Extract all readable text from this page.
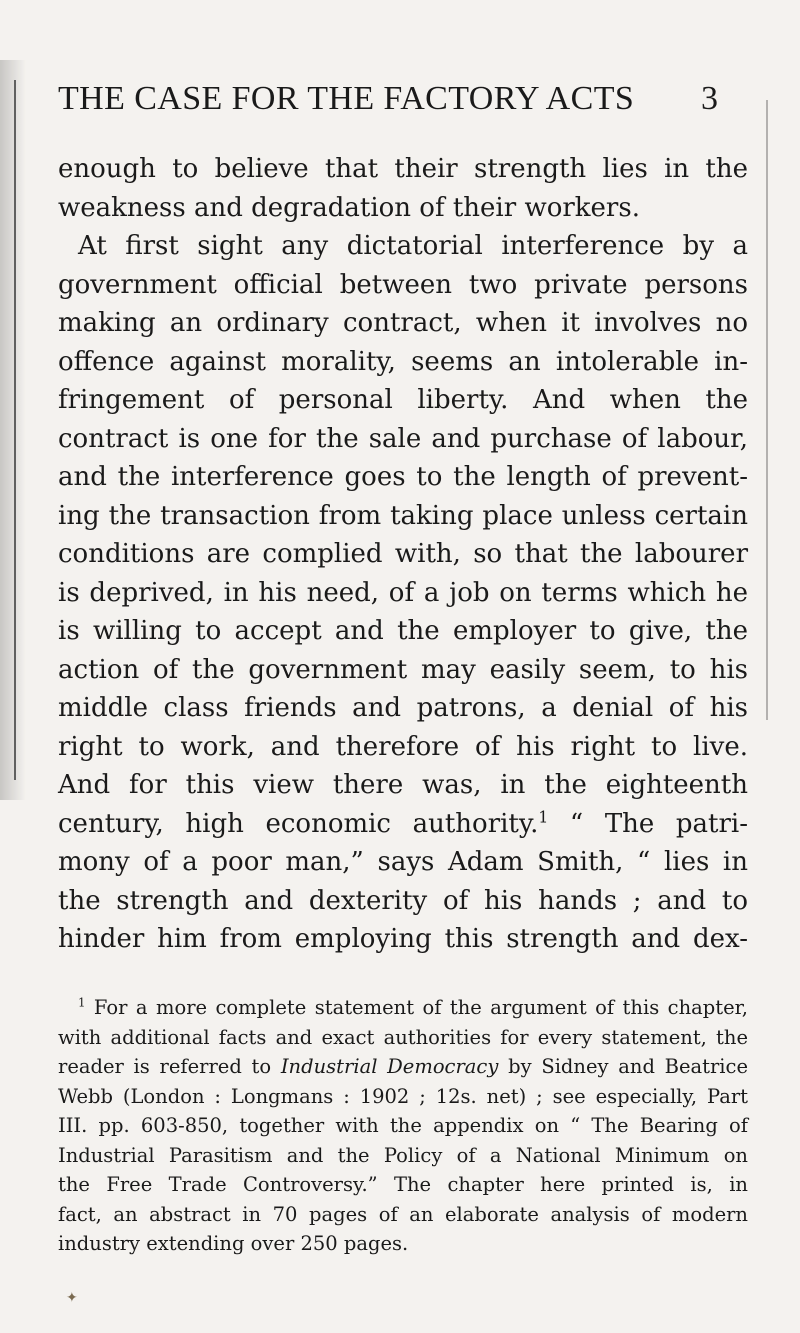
THE CASE FOR THE FACTORY ACTS 3
enough to believe that their strength lies in the
weakness and degradation of their workers.
At first sight any dictatorial interference by a
government official between two private persons
making an ordinary contract, when it involves no
offence against morality, seems an intolerable in-
fringement of personal liberty. And when the
contract is one for the sale and purchase of labour,
and the interference goes to the length of prevent-
ing the transaction from taking place unless certain
conditions are complied with, so that the labourer
is deprived, in his need, of a job on terms which he
is willing to accept and the employer to give, the
action of the government may easily seem, to his
middle class friends and patrons, a denial of his
right to work, and therefore of his right to live.
And for this view there was, in the eighteenth
century, high economic authority.$^1$ “ The patri-
mony of a poor man,” says Adam Smith, “ lies in
the strength and dexterity of his hands ; and to
hinder him from employing this strength and dex-
$^1$ For a more complete statement of the argument of this chapter,
with additional facts and exact authorities for every statement, the
reader is referred to Industrial Democracy by Sidney and Beatrice
Webb (London : Longmans : 1902 ; 12s. net) ; see especially, Part
III. pp. 603-850, together with the appendix on “ The Bearing of
Industrial Parasitism and the Policy of a National Minimum on
the Free Trade Controversy.” The chapter here printed is, in
fact, an abstract in 70 pages of an elaborate analysis of modern
industry extending over 250 pages.
✦
